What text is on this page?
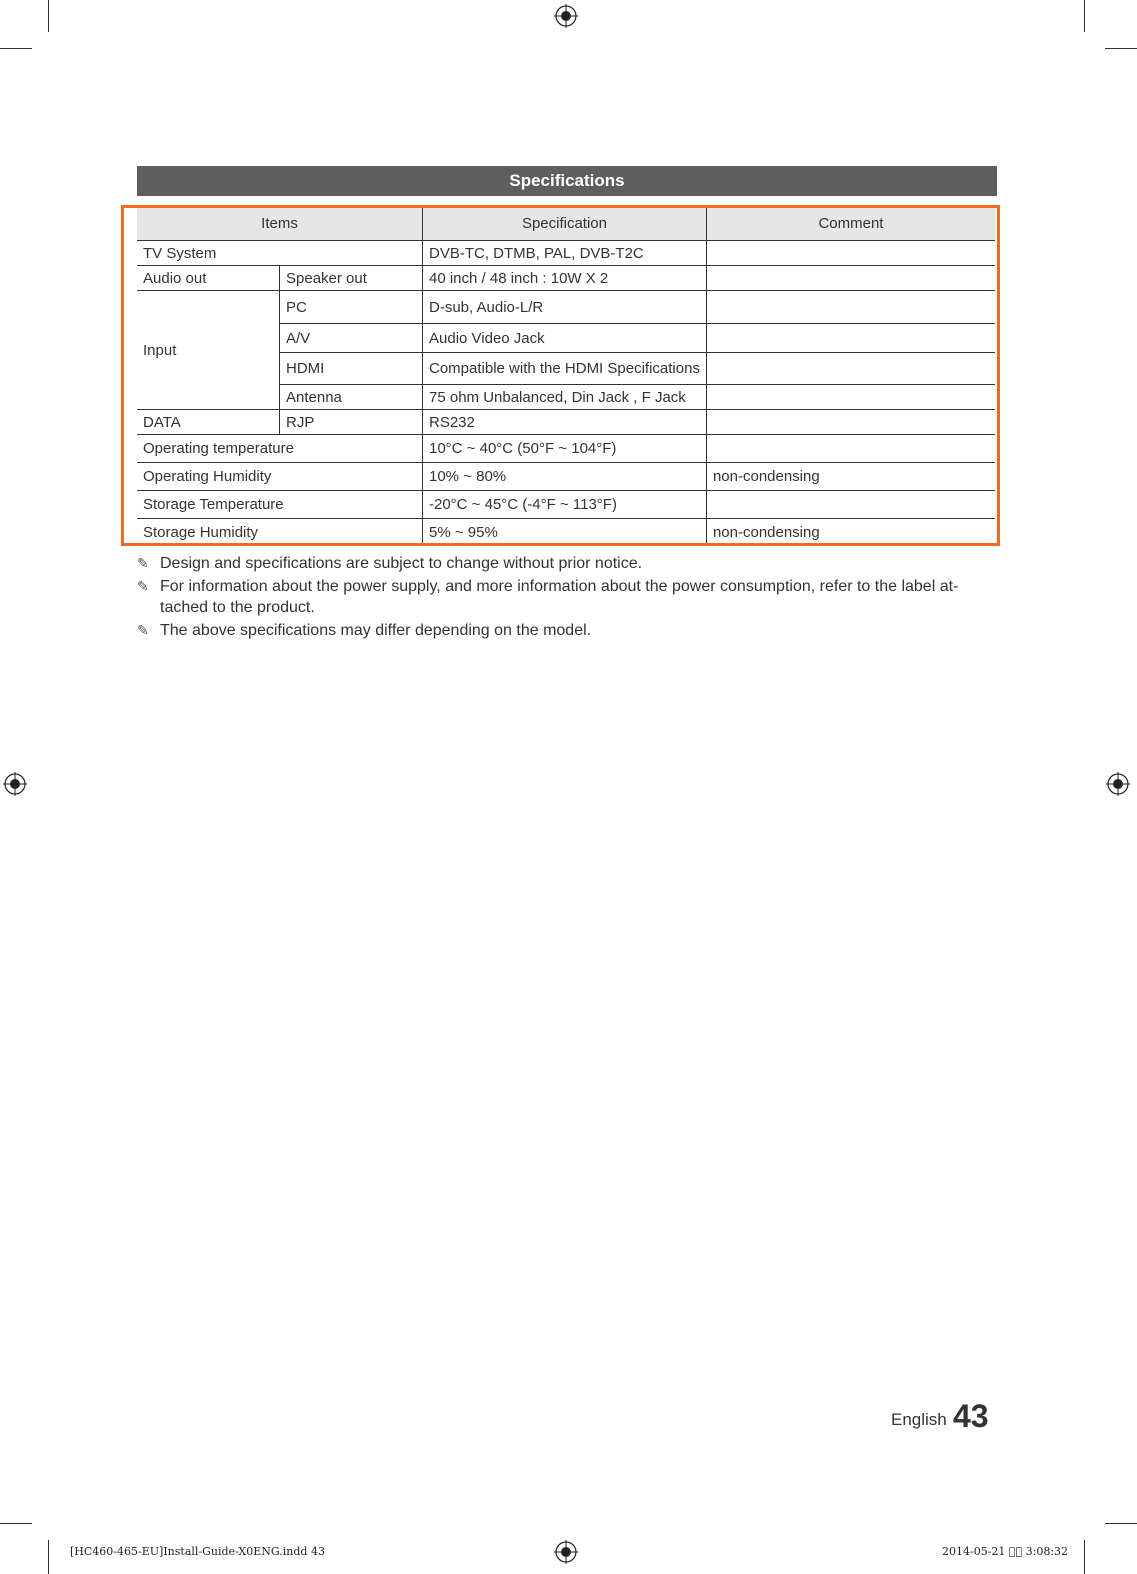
Specifications
Items		Specification	Comment
TV System		DVB-TC, DTMB, PAL, DVB-T2C	
Audio out	Speaker out	40 inch / 48 inch : 10W X 2	
Input	PC	D-sub, Audio-L/R	
	A/V	Audio Video Jack	
	HDMI	Compatible with the HDMI Specifications	
	Antenna	75 ohm Unbalanced, Din Jack , F Jack	
DATA	RJP	RS232	
Operating temperature		10°C ~ 40°C (50°F ~ 104°F)	
Operating Humidity		10% ~ 80%	non-condensing
Storage Temperature		-20°C ~ 45°C (-4°F ~ 113°F)	
Storage Humidity		5% ~ 95%	non-condensing
✎ Design and specifications are subject to change without prior notice.
✎ For information about the power supply, and more information about the power consumption, refer to the label at-tached to the product.
✎ The above specifications may differ depending on the model.
English 43
[HC460-465-EU]Install-Guide-X0ENG.indd 43	2014-05-21 ￿￿ 3:08:32
